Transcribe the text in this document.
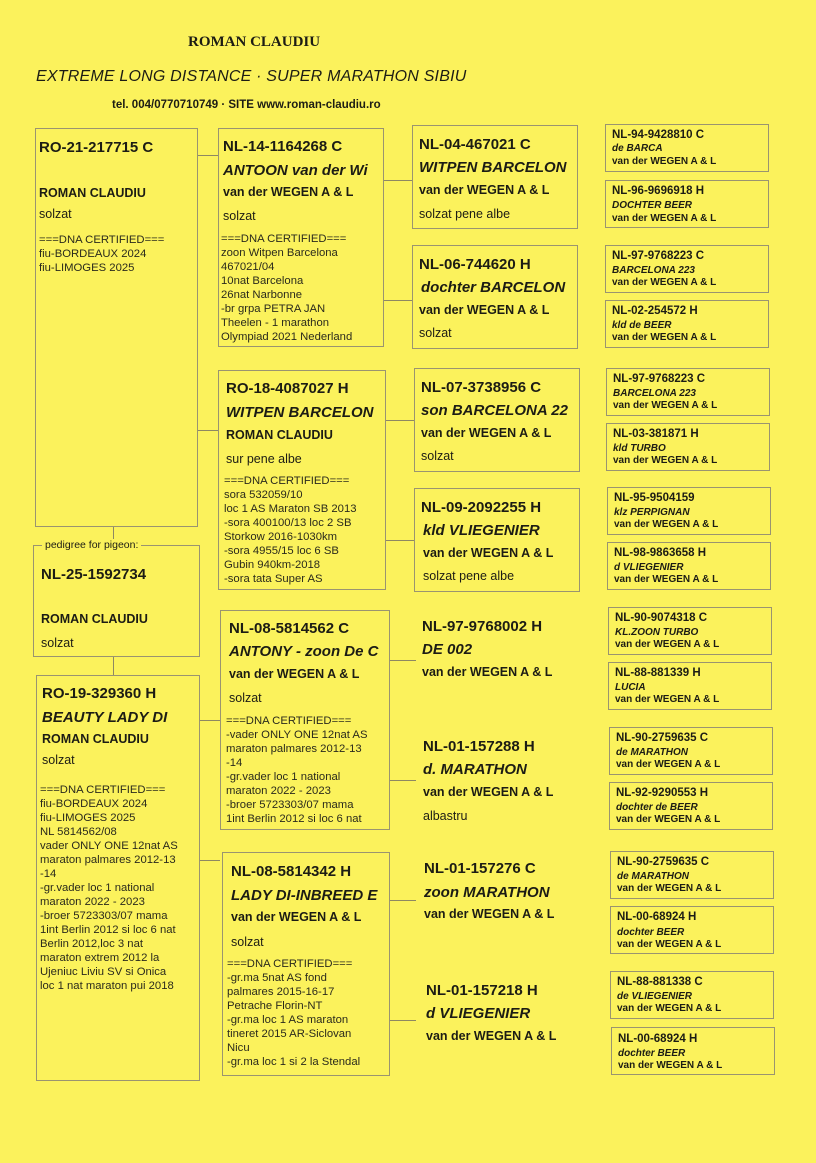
ROMAN CLAUDIU
EXTREME LONG DISTANCE · SUPER MARATHON SIBIU
tel. 004/0770710749 · SITE www.roman-claudiu.ro
RO-21-217715 C
ROMAN CLAUDIU
solzat
===DNA CERTIFIED===
fiu-BORDEAUX 2024
fiu-LIMOGES 2025
NL-25-1592734
ROMAN CLAUDIU
solzat
pedigree for pigeon:
RO-19-329360 H
BEAUTY LADY DI
ROMAN CLAUDIU
solzat
===DNA CERTIFIED===
fiu-BORDEAUX 2024
fiu-LIMOGES 2025
NL 5814562/08
vader ONLY ONE 12nat AS
maraton palmares 2012-13
-14
-gr.vader loc 1 national
maraton 2022 - 2023
-broer 5723303/07 mama
1int Berlin 2012 si loc 6 nat
Berlin 2012,loc 3 nat
maraton extrem 2012 la
Ujeniuc Liviu SV si Onica
loc 1 nat maraton pui 2018
NL-14-1164268 C
ANTOON van der Wi
van der WEGEN A & L
solzat
===DNA CERTIFIED===
zoon Witpen Barcelona
467021/04
10nat Barcelona
26nat Narbonne
-br grpa PETRA JAN
Theelen - 1 marathon
Olympiad 2021 Nederland
RO-18-4087027 H
WITPEN BARCELON
ROMAN CLAUDIU
sur pene albe
===DNA CERTIFIED===
sora 532059/10
loc 1 AS Maraton SB 2013
-sora 400100/13 loc 2 SB
Storkow 2016-1030km
-sora 4955/15 loc 6 SB
Gubin 940km-2018
-sora tata Super AS
NL-08-5814562 C
ANTONY - zoon De C
van der WEGEN A & L
solzat
===DNA CERTIFIED===
-vader ONLY ONE 12nat AS
maraton palmares 2012-13
-14
-gr.vader loc 1 national
maraton 2022 - 2023
-broer 5723303/07 mama
1int Berlin 2012 si loc 6 nat
NL-08-5814342 H
LADY DI-INBREED E
van der WEGEN A & L
solzat
===DNA CERTIFIED===
-gr.ma 5nat AS fond
palmares 2015-16-17
Petrache Florin-NT
-gr.ma loc 1 AS maraton
tineret 2015 AR-Siclovan
Nicu
-gr.ma loc 1 si 2 la Stendal
NL-04-467021 C
WITPEN BARCELON
van der WEGEN A & L
solzat pene albe
NL-06-744620 H
dochter BARCELON
van der WEGEN A & L
solzat
NL-07-3738956 C
son BARCELONA 22
van der WEGEN A & L
solzat
NL-09-2092255 H
kld VLIEGENIER
van der WEGEN A & L
solzat pene albe
NL-97-9768002 H
DE 002
van der WEGEN A & L
NL-01-157288 H
d. MARATHON
van der WEGEN A & L
albastru
NL-01-157276 C
zoon MARATHON
van der WEGEN A & L
NL-01-157218 H
d VLIEGENIER
van der WEGEN A & L
NL-94-9428810 C
de BARCA
van der WEGEN A & L
NL-96-9696918 H
DOCHTER BEER
van der WEGEN A & L
NL-97-9768223 C
BARCELONA 223
van der WEGEN A & L
NL-02-254572 H
kld de BEER
van der WEGEN A & L
NL-97-9768223 C
BARCELONA 223
van der WEGEN A & L
NL-03-381871 H
kld TURBO
van der WEGEN A & L
NL-95-9504159
klz PERPIGNAN
van der WEGEN A & L
NL-98-9863658 H
d VLIEGENIER
van der WEGEN A & L
NL-90-9074318 C
KL.ZOON TURBO
van der WEGEN A & L
NL-88-881339 H
LUCIA
van der WEGEN A & L
NL-90-2759635 C
de MARATHON
van der WEGEN A & L
NL-92-9290553 H
dochter de BEER
van der WEGEN A & L
NL-90-2759635 C
de MARATHON
van der WEGEN A & L
NL-00-68924 H
dochter BEER
van der WEGEN A & L
NL-88-881338 C
de VLIEGENIER
van der WEGEN A & L
NL-00-68924 H
dochter BEER
van der WEGEN A & L
